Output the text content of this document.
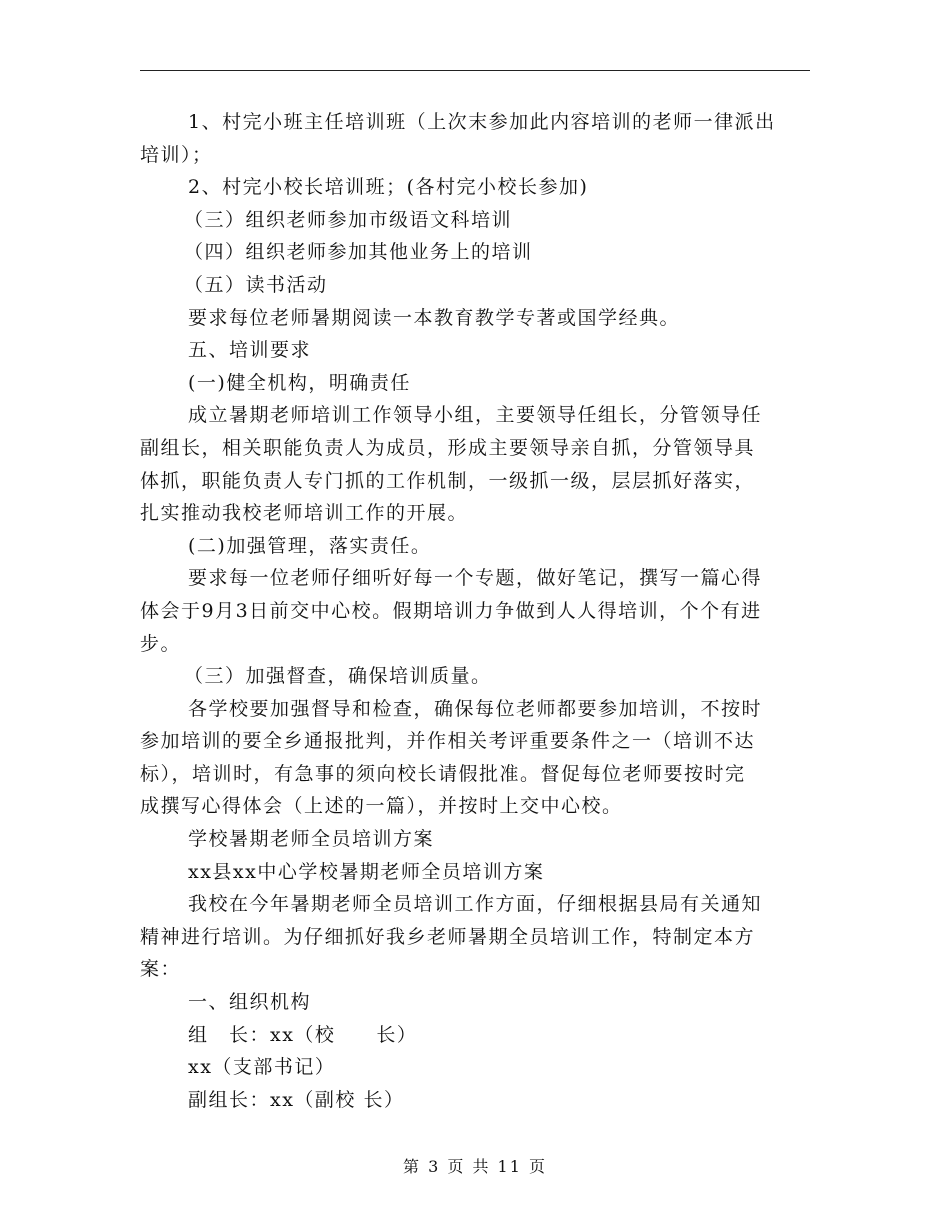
1、村完小班主任培训班（上次末参加此内容培训的老师一律派出
培训）；
2、村完小校长培训班；(各村完小校长参加)
（三）组织老师参加市级语文科培训
（四）组织老师参加其他业务上的培训
（五）读书活动
要求每位老师暑期阅读一本教育教学专著或国学经典。
五、培训要求
(一)健全机构，明确责任
成立暑期老师培训工作领导小组，主要领导任组长，分管领导任
副组长，相关职能负责人为成员，形成主要领导亲自抓，分管领导具
体抓，职能负责人专门抓的工作机制，一级抓一级，层层抓好落实，
扎实推动我校老师培训工作的开展。
(二)加强管理，落实责任。
要求每一位老师仔细听好每一个专题，做好笔记，撰写一篇心得
体会于9月3日前交中心校。假期培训力争做到人人得培训，个个有进
步。
（三）加强督查，确保培训质量。
各学校要加强督导和检查，确保每位老师都要参加培训，不按时
参加培训的要全乡通报批判，并作相关考评重要条件之一（培训不达
标），培训时，有急事的须向校长请假批准。督促每位老师要按时完
成撰写心得体会（上述的一篇），并按时上交中心校。
学校暑期老师全员培训方案
xx县xx中心学校暑期老师全员培训方案
我校在今年暑期老师全员培训工作方面，仔细根据县局有关通知
精神进行培训。为仔细抓好我乡老师暑期全员培训工作，特制定本方
案：
一、组织机构
组　长：xx（校　　长）
xx（支部书记）
副组长：xx（副校 长）
第 3 页 共 11 页
